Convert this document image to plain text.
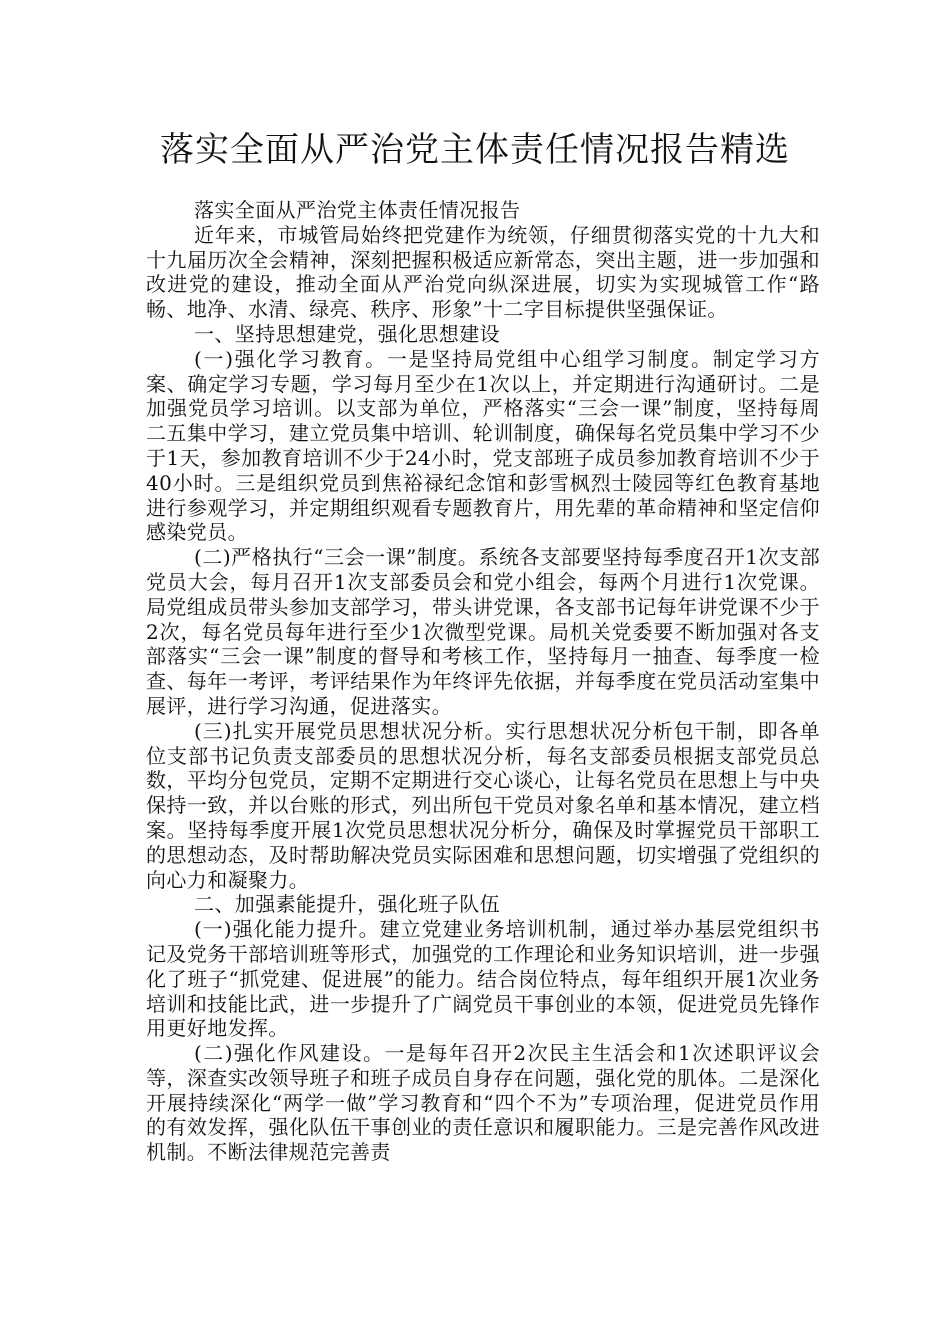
落实全面从严治党主体责任情况报告精选

落实全面从严治党主体责任情况报告

近年来，市城管局始终把党建作为统领，仔细贯彻落实党的十九大和十九届历次全会精神，深刻把握积极适应新常态，突出主题，进一步加强和改进党的建设，推动全面从严治党向纵深进展，切实为实现城管工作“路畅、地净、水清、绿亮、秩序、形象”十二字目标提供坚强保证。

一、坚持思想建党，强化思想建设

(一)强化学习教育。一是坚持局党组中心组学习制度。制定学习方案、确定学习专题，学习每月至少在1次以上，并定期进行沟通研讨。二是加强党员学习培训。以支部为单位，严格落实“三会一课”制度，坚持每周二五集中学习，建立党员集中培训、轮训制度，确保每名党员集中学习不少于1天，参加教育培训不少于24小时，党支部班子成员参加教育培训不少于40小时。三是组织党员到焦裕禄纪念馆和彭雪枫烈士陵园等红色教育基地进行参观学习，并定期组织观看专题教育片，用先辈的革命精神和坚定信仰感染党员。

(二)严格执行“三会一课”制度。系统各支部要坚持每季度召开1次支部党员大会，每月召开1次支部委员会和党小组会，每两个月进行1次党课。局党组成员带头参加支部学习，带头讲党课，各支部书记每年讲党课不少于2次，每名党员每年进行至少1次微型党课。局机关党委要不断加强对各支部落实“三会一课”制度的督导和考核工作，坚持每月一抽查、每季度一检查、每年一考评，考评结果作为年终评先依据，并每季度在党员活动室集中展评，进行学习沟通，促进落实。

(三)扎实开展党员思想状况分析。实行思想状况分析包干制，即各单位支部书记负责支部委员的思想状况分析，每名支部委员根据支部党员总数，平均分包党员，定期不定期进行交心谈心，让每名党员在思想上与中央保持一致，并以台账的形式，列出所包干党员对象名单和基本情况，建立档案。坚持每季度开展1次党员思想状况分析分，确保及时掌握党员干部职工的思想动态，及时帮助解决党员实际困难和思想问题，切实增强了党组织的向心力和凝聚力。

二、加强素能提升，强化班子队伍

(一)强化能力提升。建立党建业务培训机制，通过举办基层党组织书记及党务干部培训班等形式，加强党的工作理论和业务知识培训，进一步强化了班子“抓党建、促进展”的能力。结合岗位特点，每年组织开展1次业务培训和技能比武，进一步提升了广阔党员干事创业的本领，促进党员先锋作用更好地发挥。

(二)强化作风建设。一是每年召开2次民主生活会和1次述职评议会等，深查实改领导班子和班子成员自身存在问题，强化党的肌体。二是深化开展持续深化“两学一做”学习教育和“四个不为”专项治理，促进党员作用的有效发挥，强化队伍干事创业的责任意识和履职能力。三是完善作风改进机制。不断法律规范完善责
